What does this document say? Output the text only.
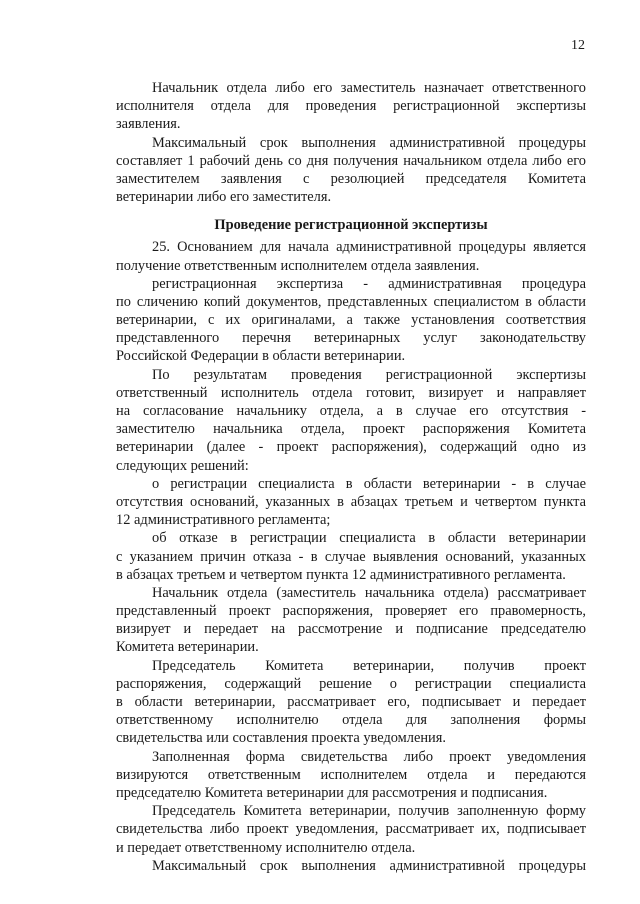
12
Начальник отдела либо его заместитель назначает ответственного
исполнителя отдела для проведения регистрационной экспертизы
заявления.
Максимальный срок выполнения административной процедуры
составляет 1 рабочий день со дня получения начальником отдела либо его
заместителем заявления с резолюцией председателя Комитета
ветеринарии либо его заместителя.
Проведение регистрационной экспертизы
25. Основанием для начала административной процедуры является
получение ответственным исполнителем отдела заявления.
регистрационная экспертиза - административная процедура
по сличению копий документов, представленных специалистом в области
ветеринарии, с их оригиналами, а также установления соответствия
представленного перечня ветеринарных услуг законодательству
Российской Федерации в области ветеринарии.
По результатам проведения регистрационной экспертизы
ответственный исполнитель отдела готовит, визирует и направляет
на согласование начальнику отдела, а в случае его отсутствия -
заместителю начальника отдела, проект распоряжения Комитета
ветеринарии (далее - проект распоряжения), содержащий одно из
следующих решений:
о регистрации специалиста в области ветеринарии - в случае
отсутствия оснований, указанных в абзацах третьем и четвертом пункта
12 административного регламента;
об отказе в регистрации специалиста в области ветеринарии
с указанием причин отказа - в случае выявления оснований, указанных
в абзацах третьем и четвертом пункта 12 административного регламента.
Начальник отдела (заместитель начальника отдела) рассматривает
представленный проект распоряжения, проверяет его правомерность,
визирует и передает на рассмотрение и подписание председателю
Комитета ветеринарии.
Председатель Комитета ветеринарии, получив проект
распоряжения, содержащий решение о регистрации специалиста
в области ветеринарии, рассматривает его, подписывает и передает
ответственному исполнителю отдела для заполнения формы
свидетельства или составления проекта уведомления.
Заполненная форма свидетельства либо проект уведомления
визируются ответственным исполнителем отдела и передаются
председателю Комитета ветеринарии для рассмотрения и подписания.
Председатель Комитета ветеринарии, получив заполненную форму
свидетельства либо проект уведомления, рассматривает их, подписывает
и передает ответственному исполнителю отдела.
Максимальный срок выполнения административной процедуры
